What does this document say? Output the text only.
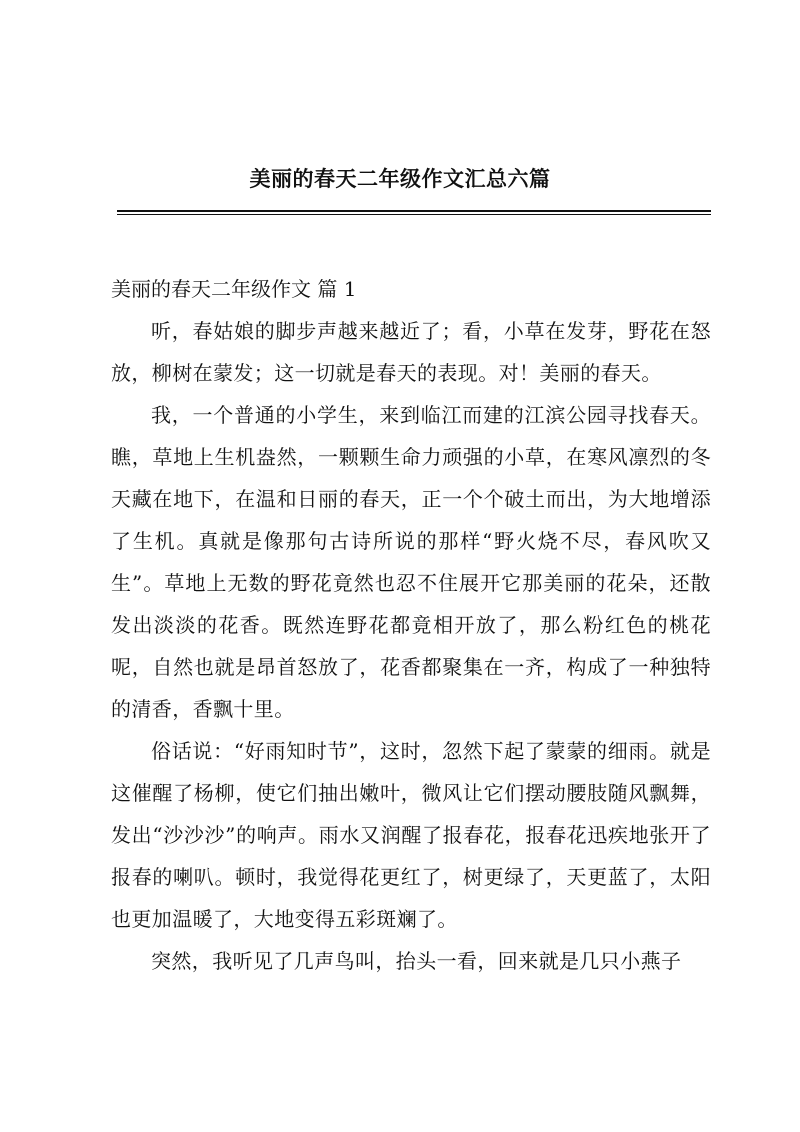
美丽的春天二年级作文汇总六篇
美丽的春天二年级作文 篇 1

听，春姑娘的脚步声越来越近了；看，小草在发芽，野花在怒放，柳树在蒙发；这一切就是春天的表现。对！美丽的春天。

我，一个普通的小学生，来到临江而建的江滨公园寻找春天。瞧，草地上生机盎然，一颗颗生命力顽强的小草，在寒风凛烈的冬天藏在地下，在温和日丽的春天，正一个个破土而出，为大地增添了生机。真就是像那句古诗所说的那样“野火烧不尽，春风吹又生”。草地上无数的野花竟然也忍不住展开它那美丽的花朵，还散发出淡淡的花香。既然连野花都竟相开放了，那么粉红色的桃花呢，自然也就是昂首怒放了，花香都聚集在一齐，构成了一种独特的清香，香飘十里。

俗话说：“好雨知时节”，这时，忽然下起了蒙蒙的细雨。就是这催醒了杨柳，使它们抽出嫩叶，微风让它们摆动腰肢随风飘舞，发出“沙沙沙”的响声。雨水又润醒了报春花，报春花迅疾地张开了报春的喇叭。顿时，我觉得花更红了，树更绿了，天更蓝了，太阳也更加温暖了，大地变得五彩斑斓了。

突然，我听见了几声鸟叫，抬头一看，回来就是几只小燕子
